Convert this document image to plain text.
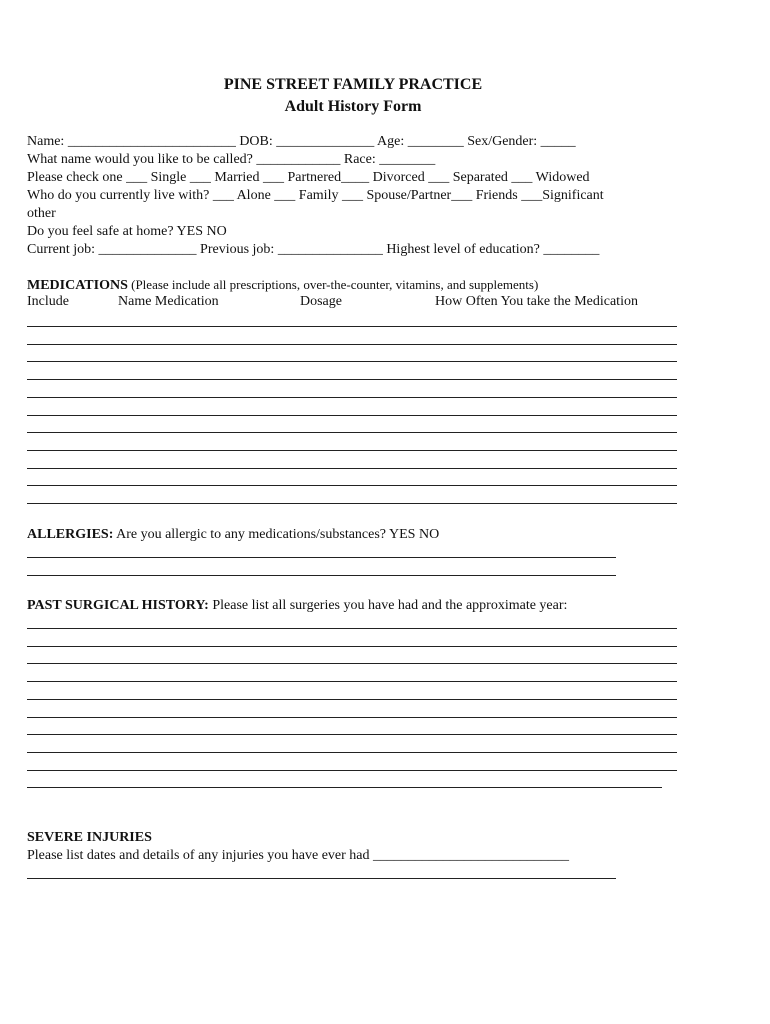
PINE STREET FAMILY PRACTICE
Adult History Form
Name: ________________________ DOB: ______________ Age: ________ Sex/Gender: _____
What name would you like to be called? ____________ Race: ________
Please check one ___ Single ___ Married ___ Partnered____ Divorced ___ Separated ___ Widowed
Who do you currently live with? ___ Alone ___ Family ___ Spouse/Partner___ Friends ___Significant
other
Do you feel safe at home? YES NO
Current job: ______________ Previous job: _______________ Highest level of education? ________
MEDICATIONS (Please include all prescriptions, over-the-counter, vitamins, and supplements)
Include	Name Medication	Dosage	How Often You take the Medication
ALLERGIES: Are you allergic to any medications/substances? YES NO
PAST SURGICAL HISTORY: Please list all surgeries you have had and the approximate year:
SEVERE INJURIES
Please list dates and details of any injuries you have ever had ____________________________
